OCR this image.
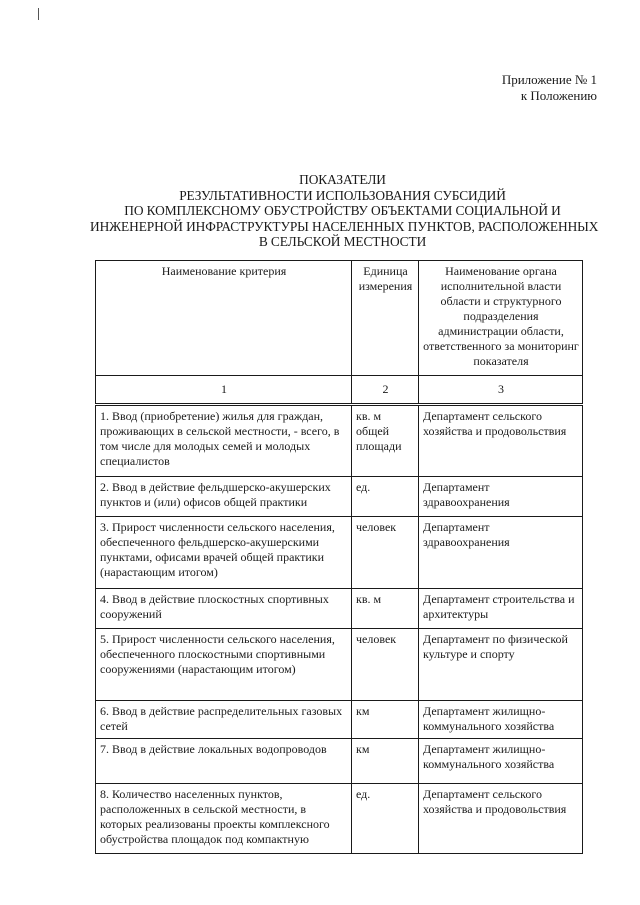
Приложение № 1
к Положению
ПОКАЗАТЕЛИ
РЕЗУЛЬТАТИВНОСТИ ИСПОЛЬЗОВАНИЯ СУБСИДИЙ
ПО КОМПЛЕКСНОМУ ОБУСТРОЙСТВУ ОБЪЕКТАМИ СОЦИАЛЬНОЙ И
ИНЖЕНЕРНОЙ ИНФРАСТРУКТУРЫ НАСЕЛЕННЫХ ПУНКТОВ, РАСПОЛОЖЕННЫХ
В СЕЛЬСКОЙ МЕСТНОСТИ
Наименование критерия	Единица измерения	Наименование органа исполнительной власти области и структурного подразделения администрации области, ответственного за мониторинг показателя
1	2	3
1. Ввод (приобретение) жилья для граждан, проживающих в сельской местности, - всего, в том числе для молодых семей и молодых специалистов	кв. м общей площади	Департамент сельского хозяйства и продовольствия
2. Ввод в действие фельдшерско-акушерских пунктов и (или) офисов общей практики	ед.	Департамент здравоохранения
3. Прирост численности сельского населения, обеспеченного фельдшерско-акушерскими пунктами, офисами врачей общей практики (нарастающим итогом)	человек	Департамент здравоохранения
4. Ввод в действие плоскостных спортивных сооружений	кв. м	Департамент строительства и архитектуры
5. Прирост численности сельского населения, обеспеченного плоскостными спортивными сооружениями (нарастающим итогом)	человек	Департамент по физической культуре и спорту
6. Ввод в действие распределительных газовых сетей	км	Департамент жилищно-коммунального хозяйства
7. Ввод в действие локальных водопроводов	км	Департамент жилищно-коммунального хозяйства
8. Количество населенных пунктов, расположенных в сельской местности, в которых реализованы проекты комплексного обустройства площадок под компактную	ед.	Департамент сельского хозяйства и продовольствия
